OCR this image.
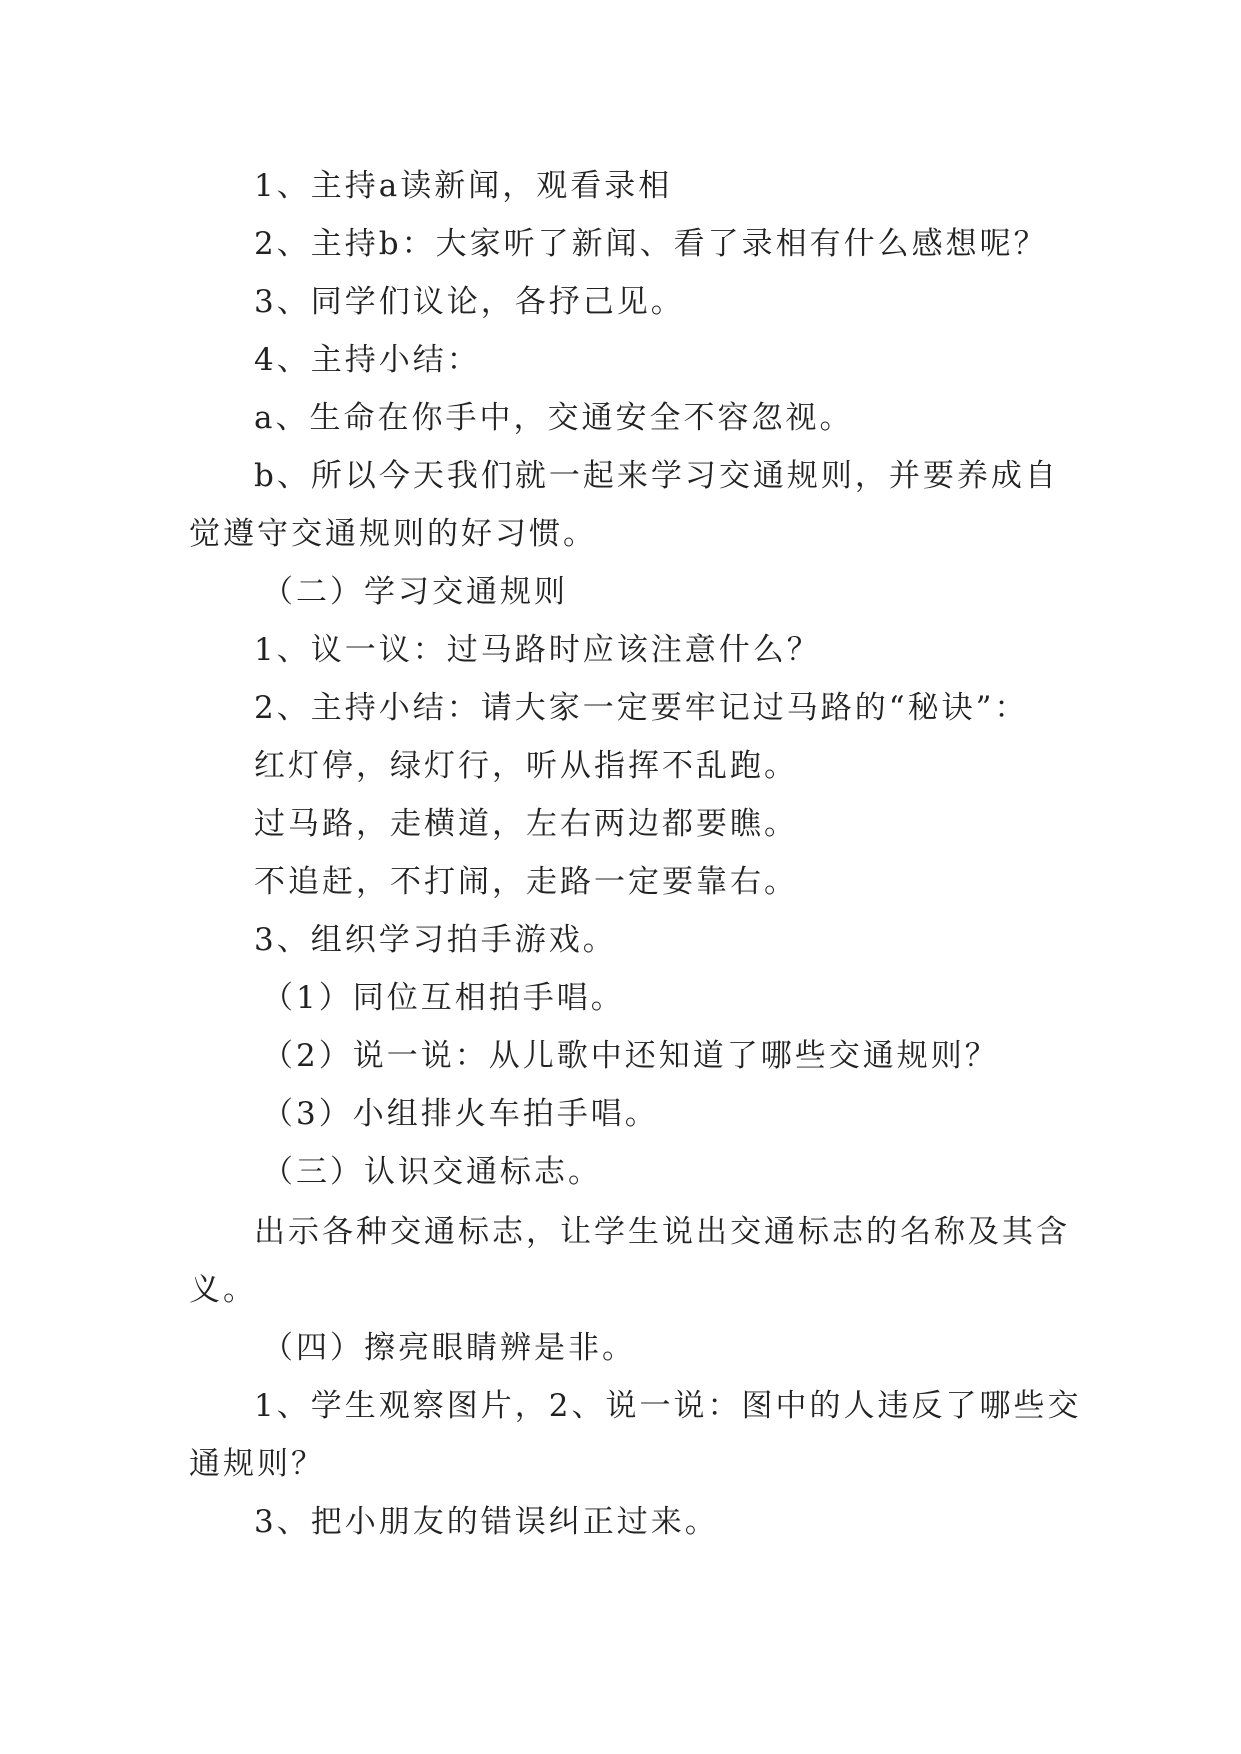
1、主持a读新闻，观看录相

2、主持b：大家听了新闻、看了录相有什么感想呢？

3、同学们议论，各抒己见。

4、主持小结：

a、生命在你手中，交通安全不容忽视。

b、所以今天我们就一起来学习交通规则，并要养成自

觉遵守交通规则的好习惯。

（二）学习交通规则

1、议一议：过马路时应该注意什么？

2、主持小结：请大家一定要牢记过马路的“秘诀”：

红灯停，绿灯行，听从指挥不乱跑。

过马路，走横道，左右两边都要瞧。

不追赶，不打闹，走路一定要靠右。

3、组织学习拍手游戏。

（1）同位互相拍手唱。

（2）说一说：从儿歌中还知道了哪些交通规则？

（3）小组排火车拍手唱。

（三）认识交通标志。

出示各种交通标志，让学生说出交通标志的名称及其含

义。

（四）擦亮眼睛辨是非。

1、学生观察图片，2、说一说：图中的人违反了哪些交

通规则？

3、把小朋友的错误纠正过来。
